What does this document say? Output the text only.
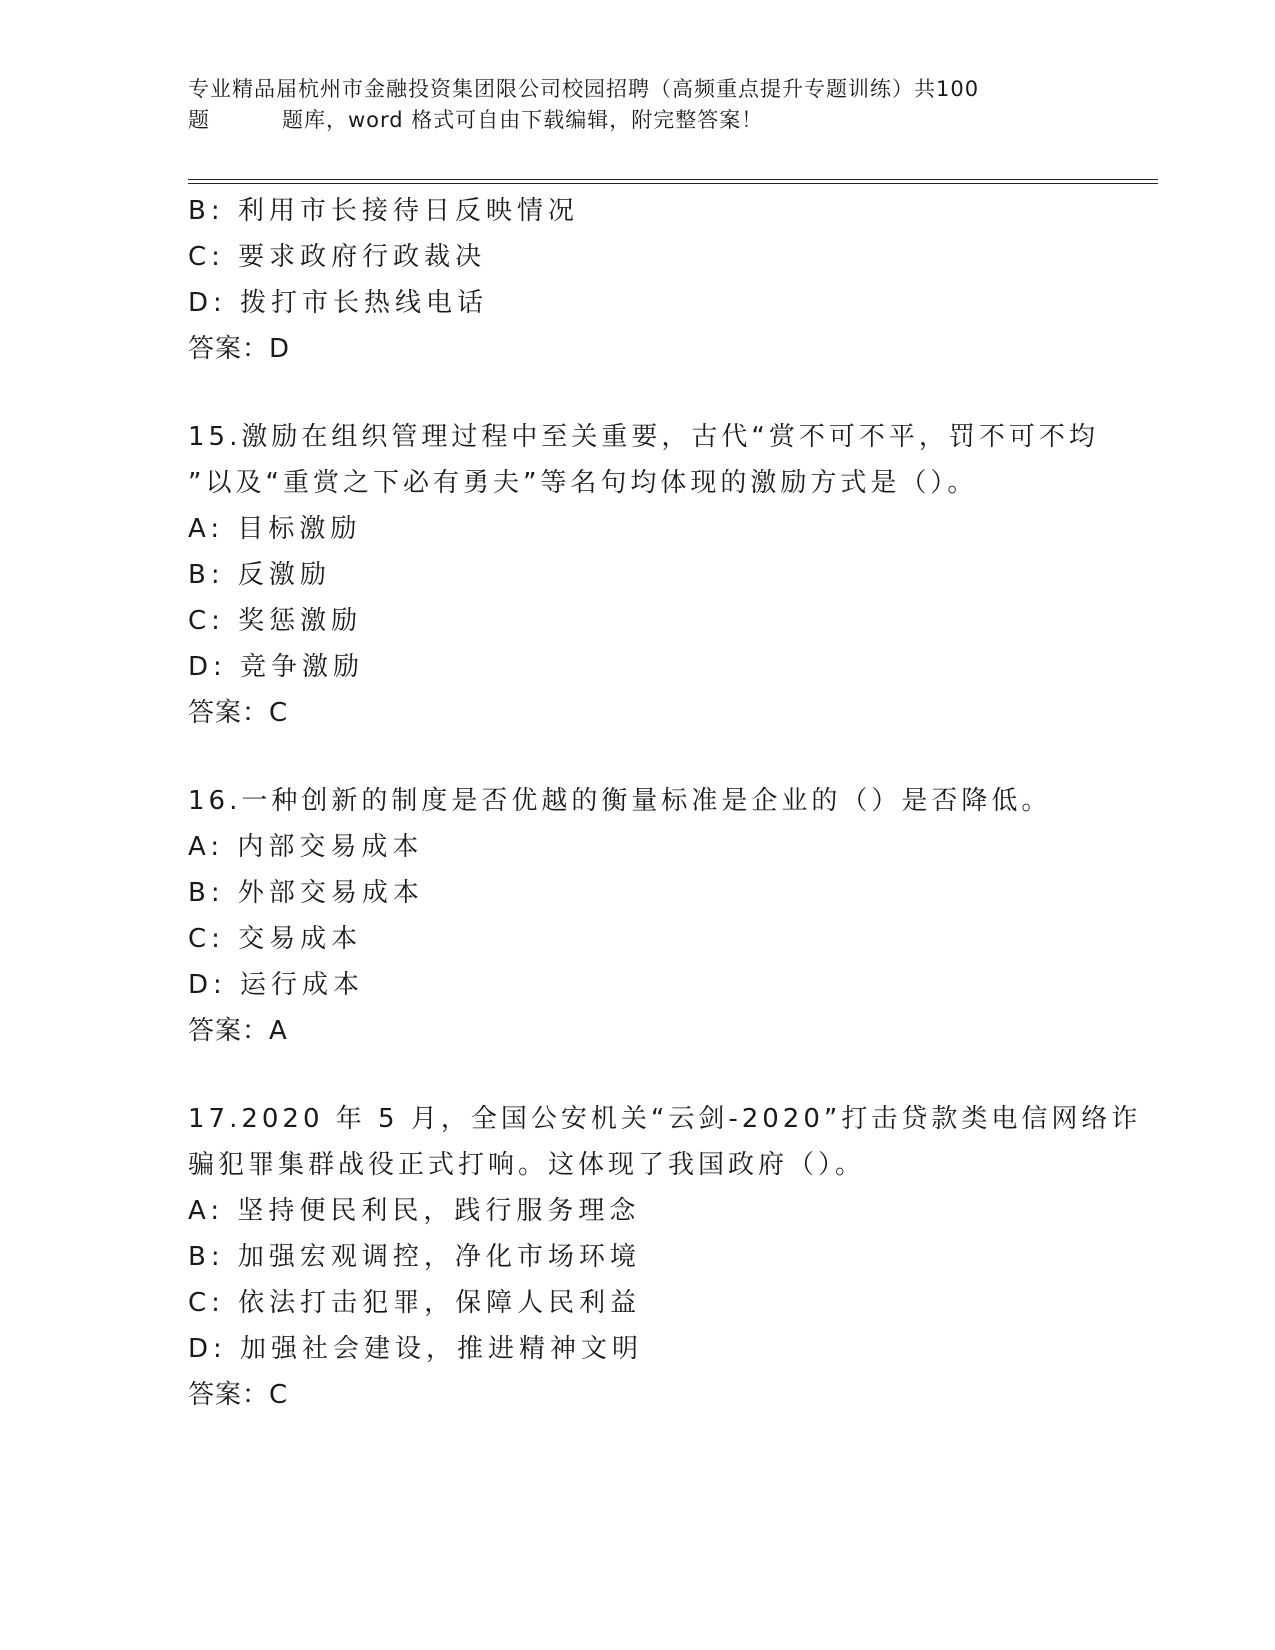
专业精品届杭州市金融投资集团限公司校园招聘（高频重点提升专题训练）共100
题	题库，word 格式可自由下载编辑，附完整答案！
B: 利用市长接待日反映情况
C: 要求政府行政裁决
D: 拨打市长热线电话
答案：D
15.激励在组织管理过程中至关重要，古代“赏不可不平，罚不可不均
”以及“重赏之下必有勇夫”等名句均体现的激励方式是（）。
A: 目标激励
B: 反激励
C: 奖惩激励
D: 竞争激励
答案：C
16.一种创新的制度是否优越的衡量标准是企业的（）是否降低。
A: 内部交易成本
B: 外部交易成本
C: 交易成本
D: 运行成本
答案：A
17.2020 年 5 月，全国公安机关“云剑-2020”打击贷款类电信网络诈
骗犯罪集群战役正式打响。这体现了我国政府（）。
A: 坚持便民利民，践行服务理念
B: 加强宏观调控，净化市场环境
C: 依法打击犯罪，保障人民利益
D: 加强社会建设，推进精神文明
答案：C
